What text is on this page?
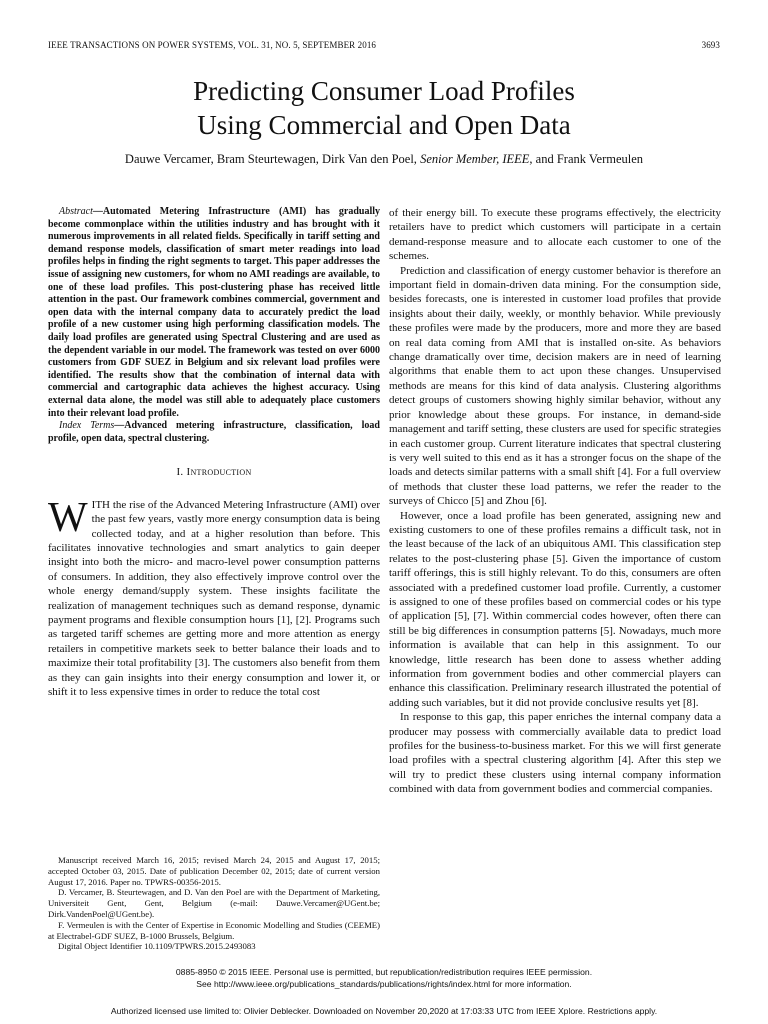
IEEE TRANSACTIONS ON POWER SYSTEMS, VOL. 31, NO. 5, SEPTEMBER 2016	3693
Predicting Consumer Load Profiles
Using Commercial and Open Data
Dauwe Vercamer, Bram Steurtewagen, Dirk Van den Poel, Senior Member, IEEE, and Frank Vermeulen

Abstract—Automated Metering Infrastructure (AMI) has gradually become commonplace within the utilities industry and has brought with it numerous improvements in all related fields. Specifically in tariff setting and demand response models, classification of smart meter readings into load profiles helps in finding the right segments to target. This paper addresses the issue of assigning new customers, for whom no AMI readings are available, to one of these load profiles. This post-clustering phase has received little attention in the past. Our framework combines commercial, government and open data with the internal company data to accurately predict the load profile of a new customer using high performing classification models. The daily load profiles are generated using Spectral Clustering and are used as the dependent variable in our model. The framework was tested on over 6000 customers from GDF SUEZ in Belgium and six relevant load profiles were identified. The results show that the combination of internal data with commercial and cartographic data achieves the highest accuracy. Using external data alone, the model was still able to adequately place customers into their relevant load profile.

Index Terms—Advanced metering infrastructure, classification, load profile, open data, spectral clustering.

I. Introduction

WITH the rise of the Advanced Metering Infrastructure (AMI) over the past few years, vastly more energy consumption data is being collected today, and at a higher resolution than before. This facilitates innovative technologies and smart analytics to gain deeper insight into both the micro- and macro-level power consumption patterns of consumers. In addition, they also effectively improve control over the whole energy demand/supply system. These insights facilitate the realization of management techniques such as demand response, dynamic payment programs and flexible consumption hours [1], [2]. Programs such as targeted tariff schemes are getting more and more attention as energy retailers in competitive markets seek to better balance their loads and to maximize their total profitability [3]. The customers also benefit from them as they can gain insights into their energy consumption and lower it, or shift it to less expensive times in order to reduce the total cost

of their energy bill. To execute these programs effectively, the electricity retailers have to predict which customers will participate in a certain demand-response measure and to allocate each customer to one of the schemes.

Prediction and classification of energy customer behavior is therefore an important field in domain-driven data mining. For the consumption side, besides forecasts, one is interested in customer load profiles that provide insights about their daily, weekly, or monthly behavior. While previously these profiles were made by the producers, more and more they are based on real data coming from AMI that is installed on-site. As behaviors change dramatically over time, decision makers are in need of learning algorithms that enable them to act upon these changes. Unsupervised methods are means for this kind of data analysis. Clustering algorithms detect groups of customers showing highly similar behavior, without any prior knowledge about these groups. For instance, in demand-side management and tariff setting, these clusters are used for specific strategies in each customer group. Current literature indicates that spectral clustering is very well suited to this end as it has a stronger focus on the shape of the loads and detects similar patterns with a small shift [4]. For a full overview of methods that cluster these load patterns, we refer the reader to the surveys of Chicco [5] and Zhou [6].

However, once a load profile has been generated, assigning new and existing customers to one of these profiles remains a difficult task, not in the least because of the lack of an ubiquitous AMI. This classification step relates to the post-clustering phase [5]. Given the importance of custom tariff offerings, this is still highly relevant. To do this, consumers are often associated with a predefined customer load profile. Currently, a customer is assigned to one of these profiles based on commercial codes or his type of application [5], [7]. Within commercial codes however, often there can still be big differences in consumption patterns [5]. Nowadays, much more information is available that can help in this assignment. To our knowledge, little research has been done to assess whether adding information from government bodies and other commercial players can enhance this classification. Preliminary research illustrated the potential of adding such variables, but it did not provide conclusive results yet [8].

In response to this gap, this paper enriches the internal company data a producer may possess with commercially available data to predict load profiles for the business-to-business market. For this we will first generate load profiles with a spectral clustering algorithm [4]. After this step we will try to predict these clusters using internal company information combined with data from government bodies and commercial companies.

Manuscript received March 16, 2015; revised March 24, 2015 and August 17, 2015; accepted October 03, 2015. Date of publication December 02, 2015; date of current version August 17, 2016. Paper no. TPWRS-00356-2015.

D. Vercamer, B. Steurtewagen, and D. Van den Poel are with the Department of Marketing, Universiteit Gent, Gent, Belgium (e-mail: Dauwe.Vercamer@UGent.be; Dirk.VandenPoel@UGent.be).

F. Vermeulen is with the Center of Expertise in Economic Modelling and Studies (CEEME) at Electrabel-GDF SUEZ, B-1000 Brussels, Belgium.

Digital Object Identifier 10.1109/TPWRS.2015.2493083

0885-8950 © 2015 IEEE. Personal use is permitted, but republication/redistribution requires IEEE permission.
See http://www.ieee.org/publications_standards/publications/rights/index.html for more information.
Authorized licensed use limited to: Olivier Deblecker. Downloaded on November 20,2020 at 17:03:33 UTC from IEEE Xplore. Restrictions apply.
